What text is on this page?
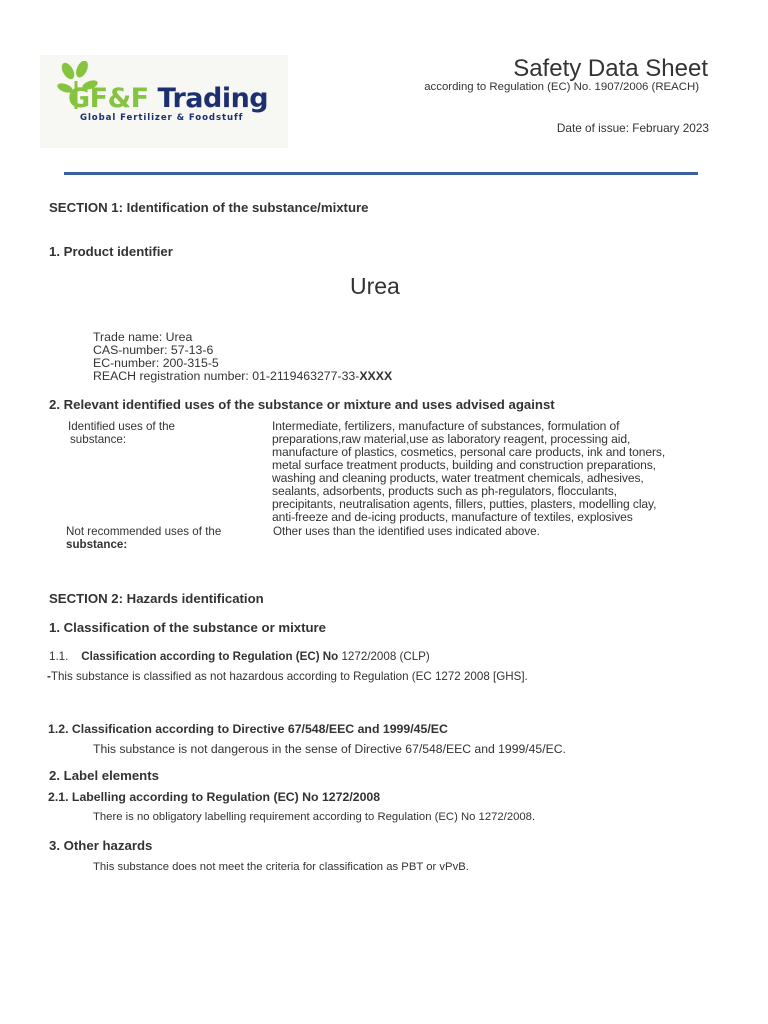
GF&F Trading
Global Fertilizer & Foodstuff
Safety Data Sheet
according to Regulation (EC) No. 1907/2006 (REACH)
Date of issue: February 2023
SECTION 1: Identification of the substance/mixture
1. Product identifier
Urea
Trade name: Urea
CAS-number: 57-13-6
EC-number: 200-315-5
REACH registration number: 01-2119463277-33-XXXX
2. Relevant identified uses of the substance or mixture and uses advised against
Identified uses of the
substance:
Intermediate, fertilizers, manufacture of substances, formulation of
preparations,raw material,use as laboratory reagent, processing aid,
manufacture of plastics, cosmetics, personal care products, ink and toners,
metal surface treatment products, building and construction preparations,
washing and cleaning products, water treatment chemicals, adhesives,
sealants, adsorbents, products such as ph-regulators, flocculants,
precipitants, neutralisation agents, fillers, putties, plasters, modelling clay,
anti-freeze and de-icing products, manufacture of textiles, explosives
Not recommended uses of the
substance:
Other uses than the identified uses indicated above.
SECTION 2: Hazards identification
1. Classification of the substance or mixture
1.1. Classification according to Regulation (EC) No 1272/2008 (CLP)
-This substance is classified as not hazardous according to Regulation (EC 1272 2008 [GHS].
1.2. Classification according to Directive 67/548/EEC and 1999/45/EC
This substance is not dangerous in the sense of Directive 67/548/EEC and 1999/45/EC.
2. Label elements
2.1. Labelling according to Regulation (EC) No 1272/2008
There is no obligatory labelling requirement according to Regulation (EC) No 1272/2008.
3. Other hazards
This substance does not meet the criteria for classification as PBT or vPvB.
